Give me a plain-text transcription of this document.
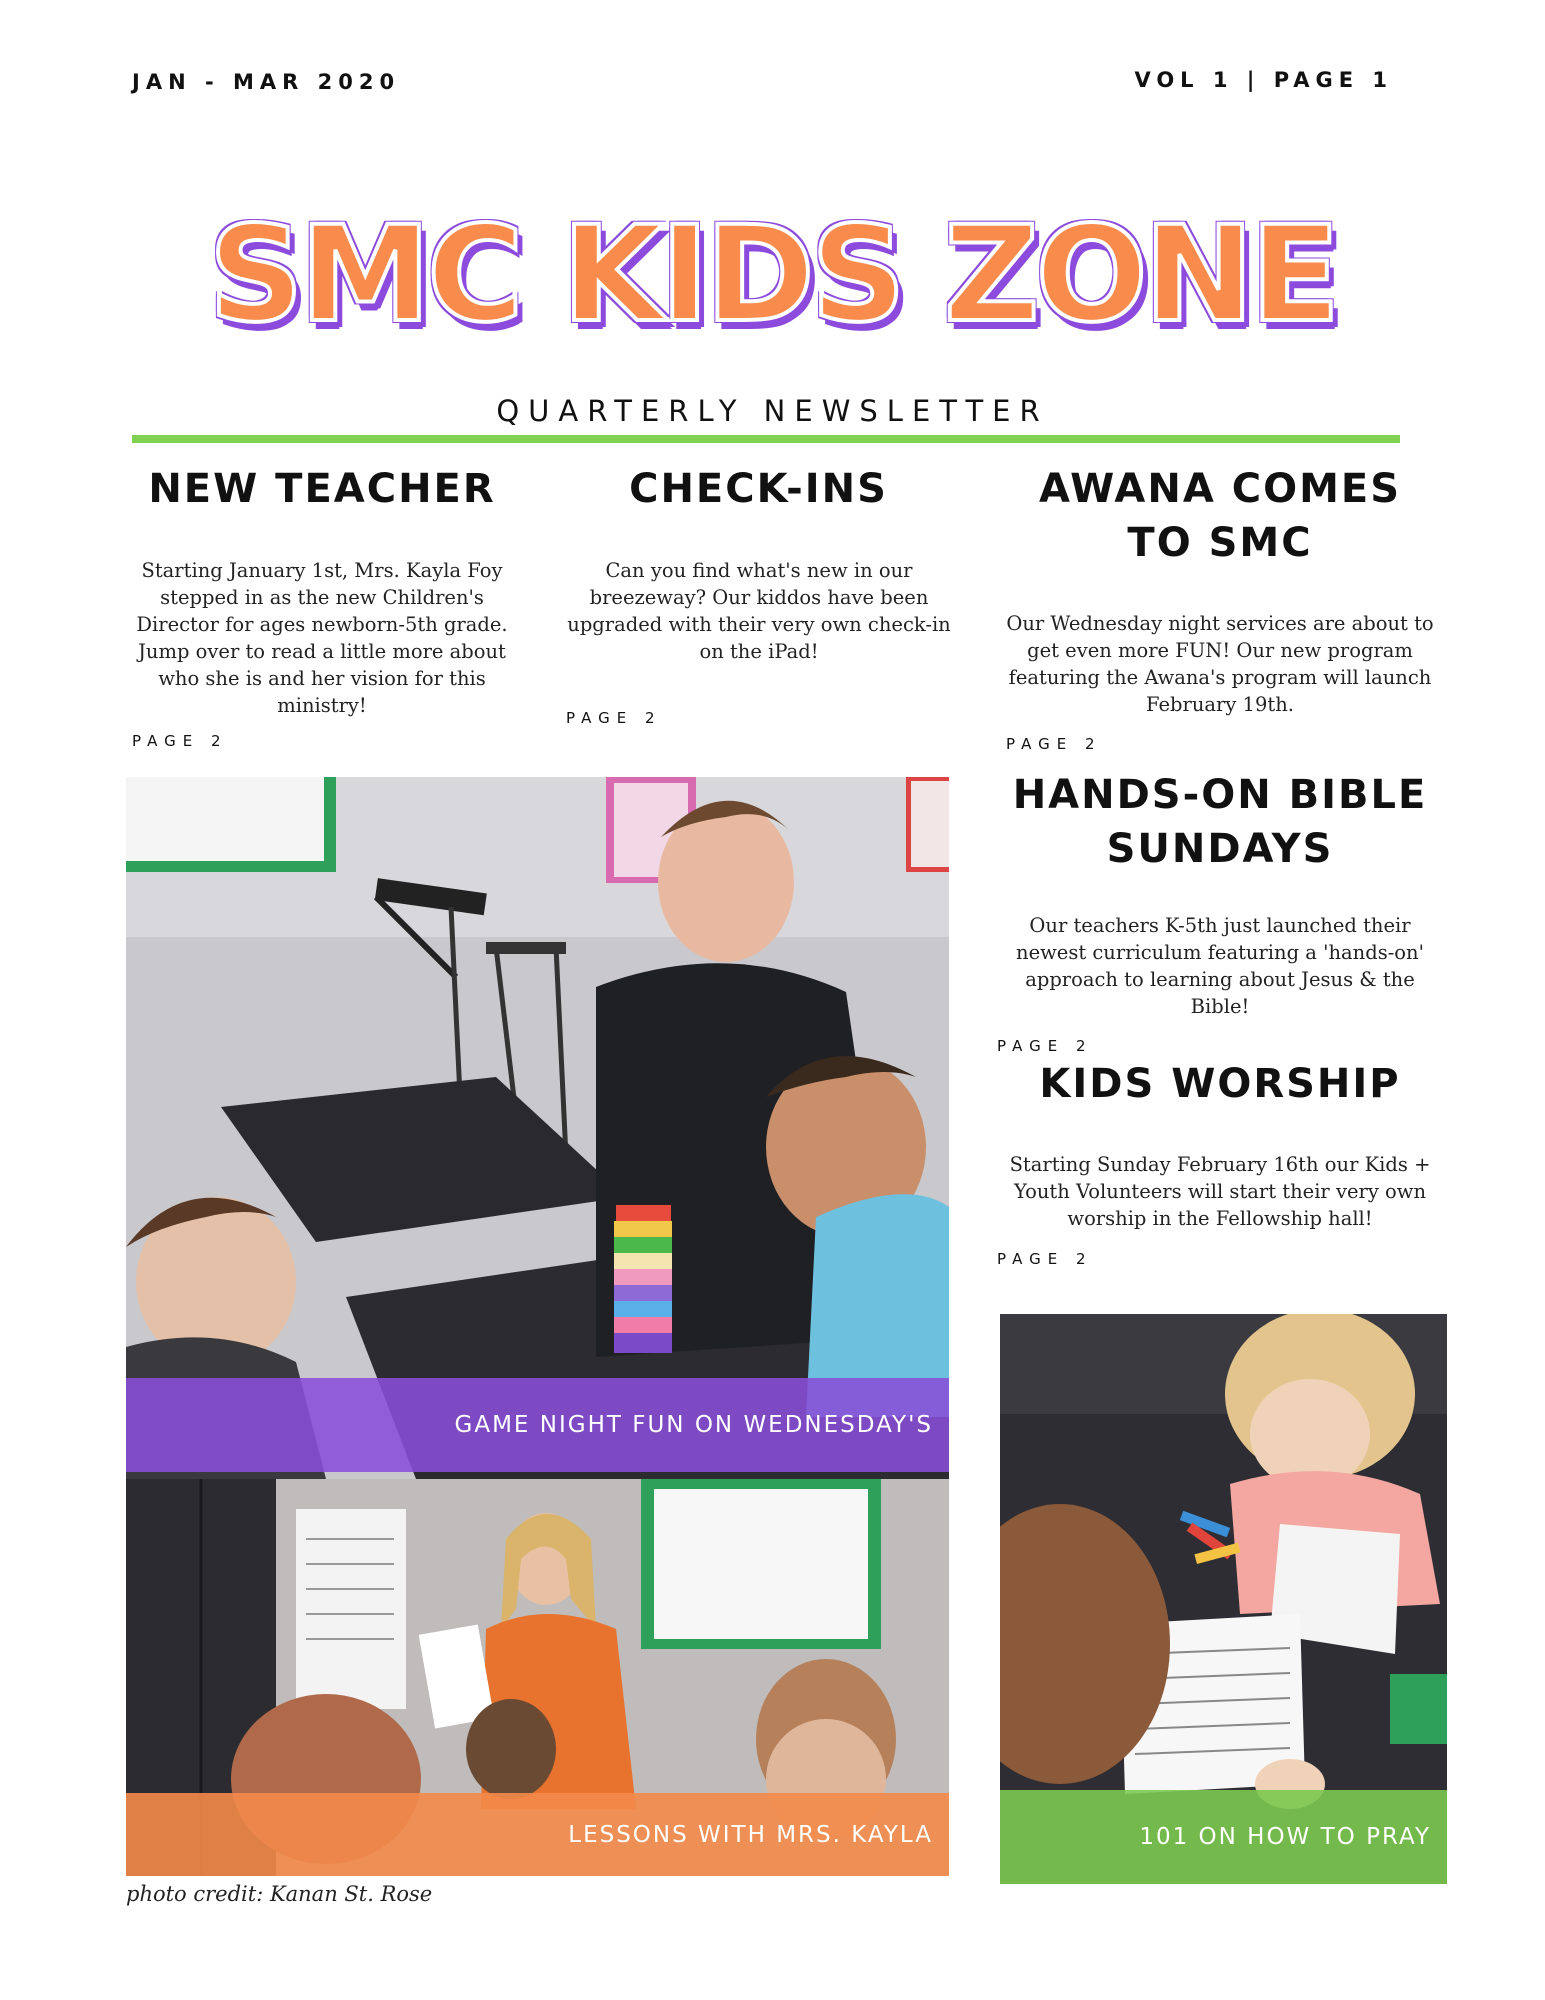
JAN - MAR 2020	VOL 1 | PAGE 1
SMC KIDS ZONE
QUARTERLY NEWSLETTER
NEW TEACHER
Starting January 1st, Mrs. Kayla Foy stepped in as the new Children's Director for ages newborn-5th grade. Jump over to read a little more about who she is and her vision for this ministry!
PAGE 2
CHECK-INS
Can you find what's new in our breezeway? Our kiddos have been upgraded with their very own check-in on the iPad!
PAGE 2
AWANA COMES TO SMC
Our Wednesday night services are about to get even more FUN! Our new program featuring the Awana's program will launch February 19th.
PAGE 2
HANDS-ON BIBLE SUNDAYS
Our teachers K-5th just launched their newest curriculum featuring a 'hands-on' approach to learning about Jesus & the Bible!
PAGE 2
KIDS WORSHIP
Starting Sunday February 16th our Kids + Youth Volunteers will start their very own worship in the Fellowship hall!
PAGE 2
GAME NIGHT FUN ON WEDNESDAY'S
LESSONS WITH MRS. KAYLA	101 ON HOW TO PRAY
photo credit: Kanan St. Rose
